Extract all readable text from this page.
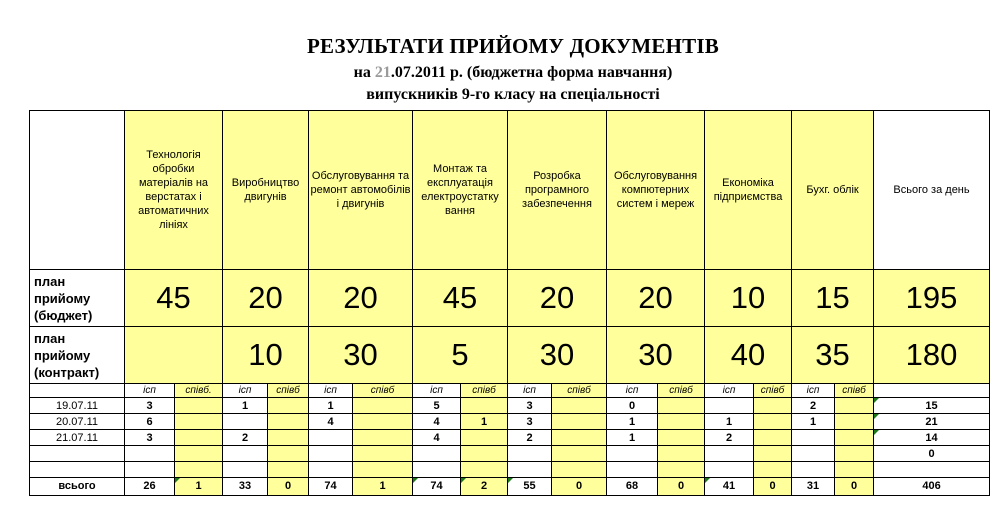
РЕЗУЛЬТАТИ ПРИЙОМУ ДОКУМЕНТІВ
на 21.07.2011 р. (бюджетна форма навчання)
випускників 9-го класу на спеціальності
	Технологія обробки матеріалів на верстатах і автоматичних лініях		Виробництво двигунів		Обслуговування та ремонт автомобілів і двигунів		Монтаж та експлуатація електроустатку вання		Розробка програмного забезпечення		Обслуговування компютерних систем і мереж		Економіка підприємства		Бухг. облік		Всього за день
план прийому (бюджет)	45		20		20		45		20		20		10		15		195
план прийому (контракт)			10		30		5		30		30		40		35		180
	ісп	співб.	ісп	співб	ісп	співб	ісп	співб	ісп	співб	ісп	співб	ісп	співб	ісп	співб	
19.07.11	3		1		1		5		3		0				2		15
20.07.11	6				4		4	1	3		1		1		1		21
21.07.11	3		2				4		2		1		2				14
																	0

всього	26	1	33	0	74	1	74	2	55	0	68	0	41	0	31	0	406
